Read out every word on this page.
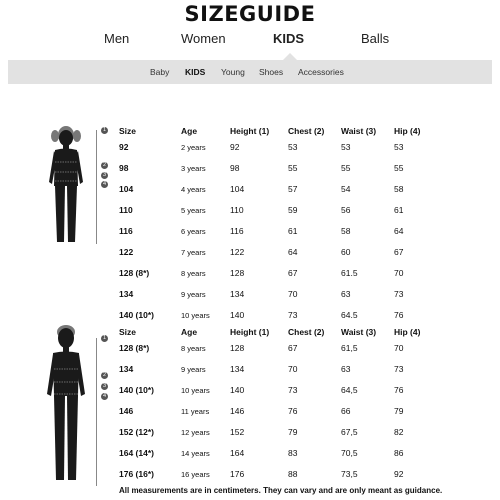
SIZEGUIDE
Men	Women	KIDS	Balls
Baby KIDS Young Shoes Accessories
1
2
3
4
1
2
3
4
Size	Age	Height (1) Chest (2) Waist (3) Hip (4)
92	2 years	92	53	53	53
98	3 years	98	55	55	55
104	4 years	104	57	54	58
110	5 years	110	59	56	61
116	6 years	116	61	58	64
122	7 years	122	64	60	67
128 (8*)	8 years	128	67	61.5	70
134	9 years	134	70	63	73
140 (10*)	10 years 140	73	64.5	76
Size	Age	Height (1) Chest (2) Waist (3) Hip (4)
128 (8*)	8 years	128	67	61,5	70
134	9 years	134	70	63	73
140 (10*)	10 years 140	73	64,5	76
146	11 years 146	76	66	79
152 (12*)	12 years 152	79	67,5	82
164 (14*)	14 years 164	83	70,5	86
176 (16*)	16 years 176	88	73,5	92
All measurements are in centimeters. They can vary and are only meant as guidance.
